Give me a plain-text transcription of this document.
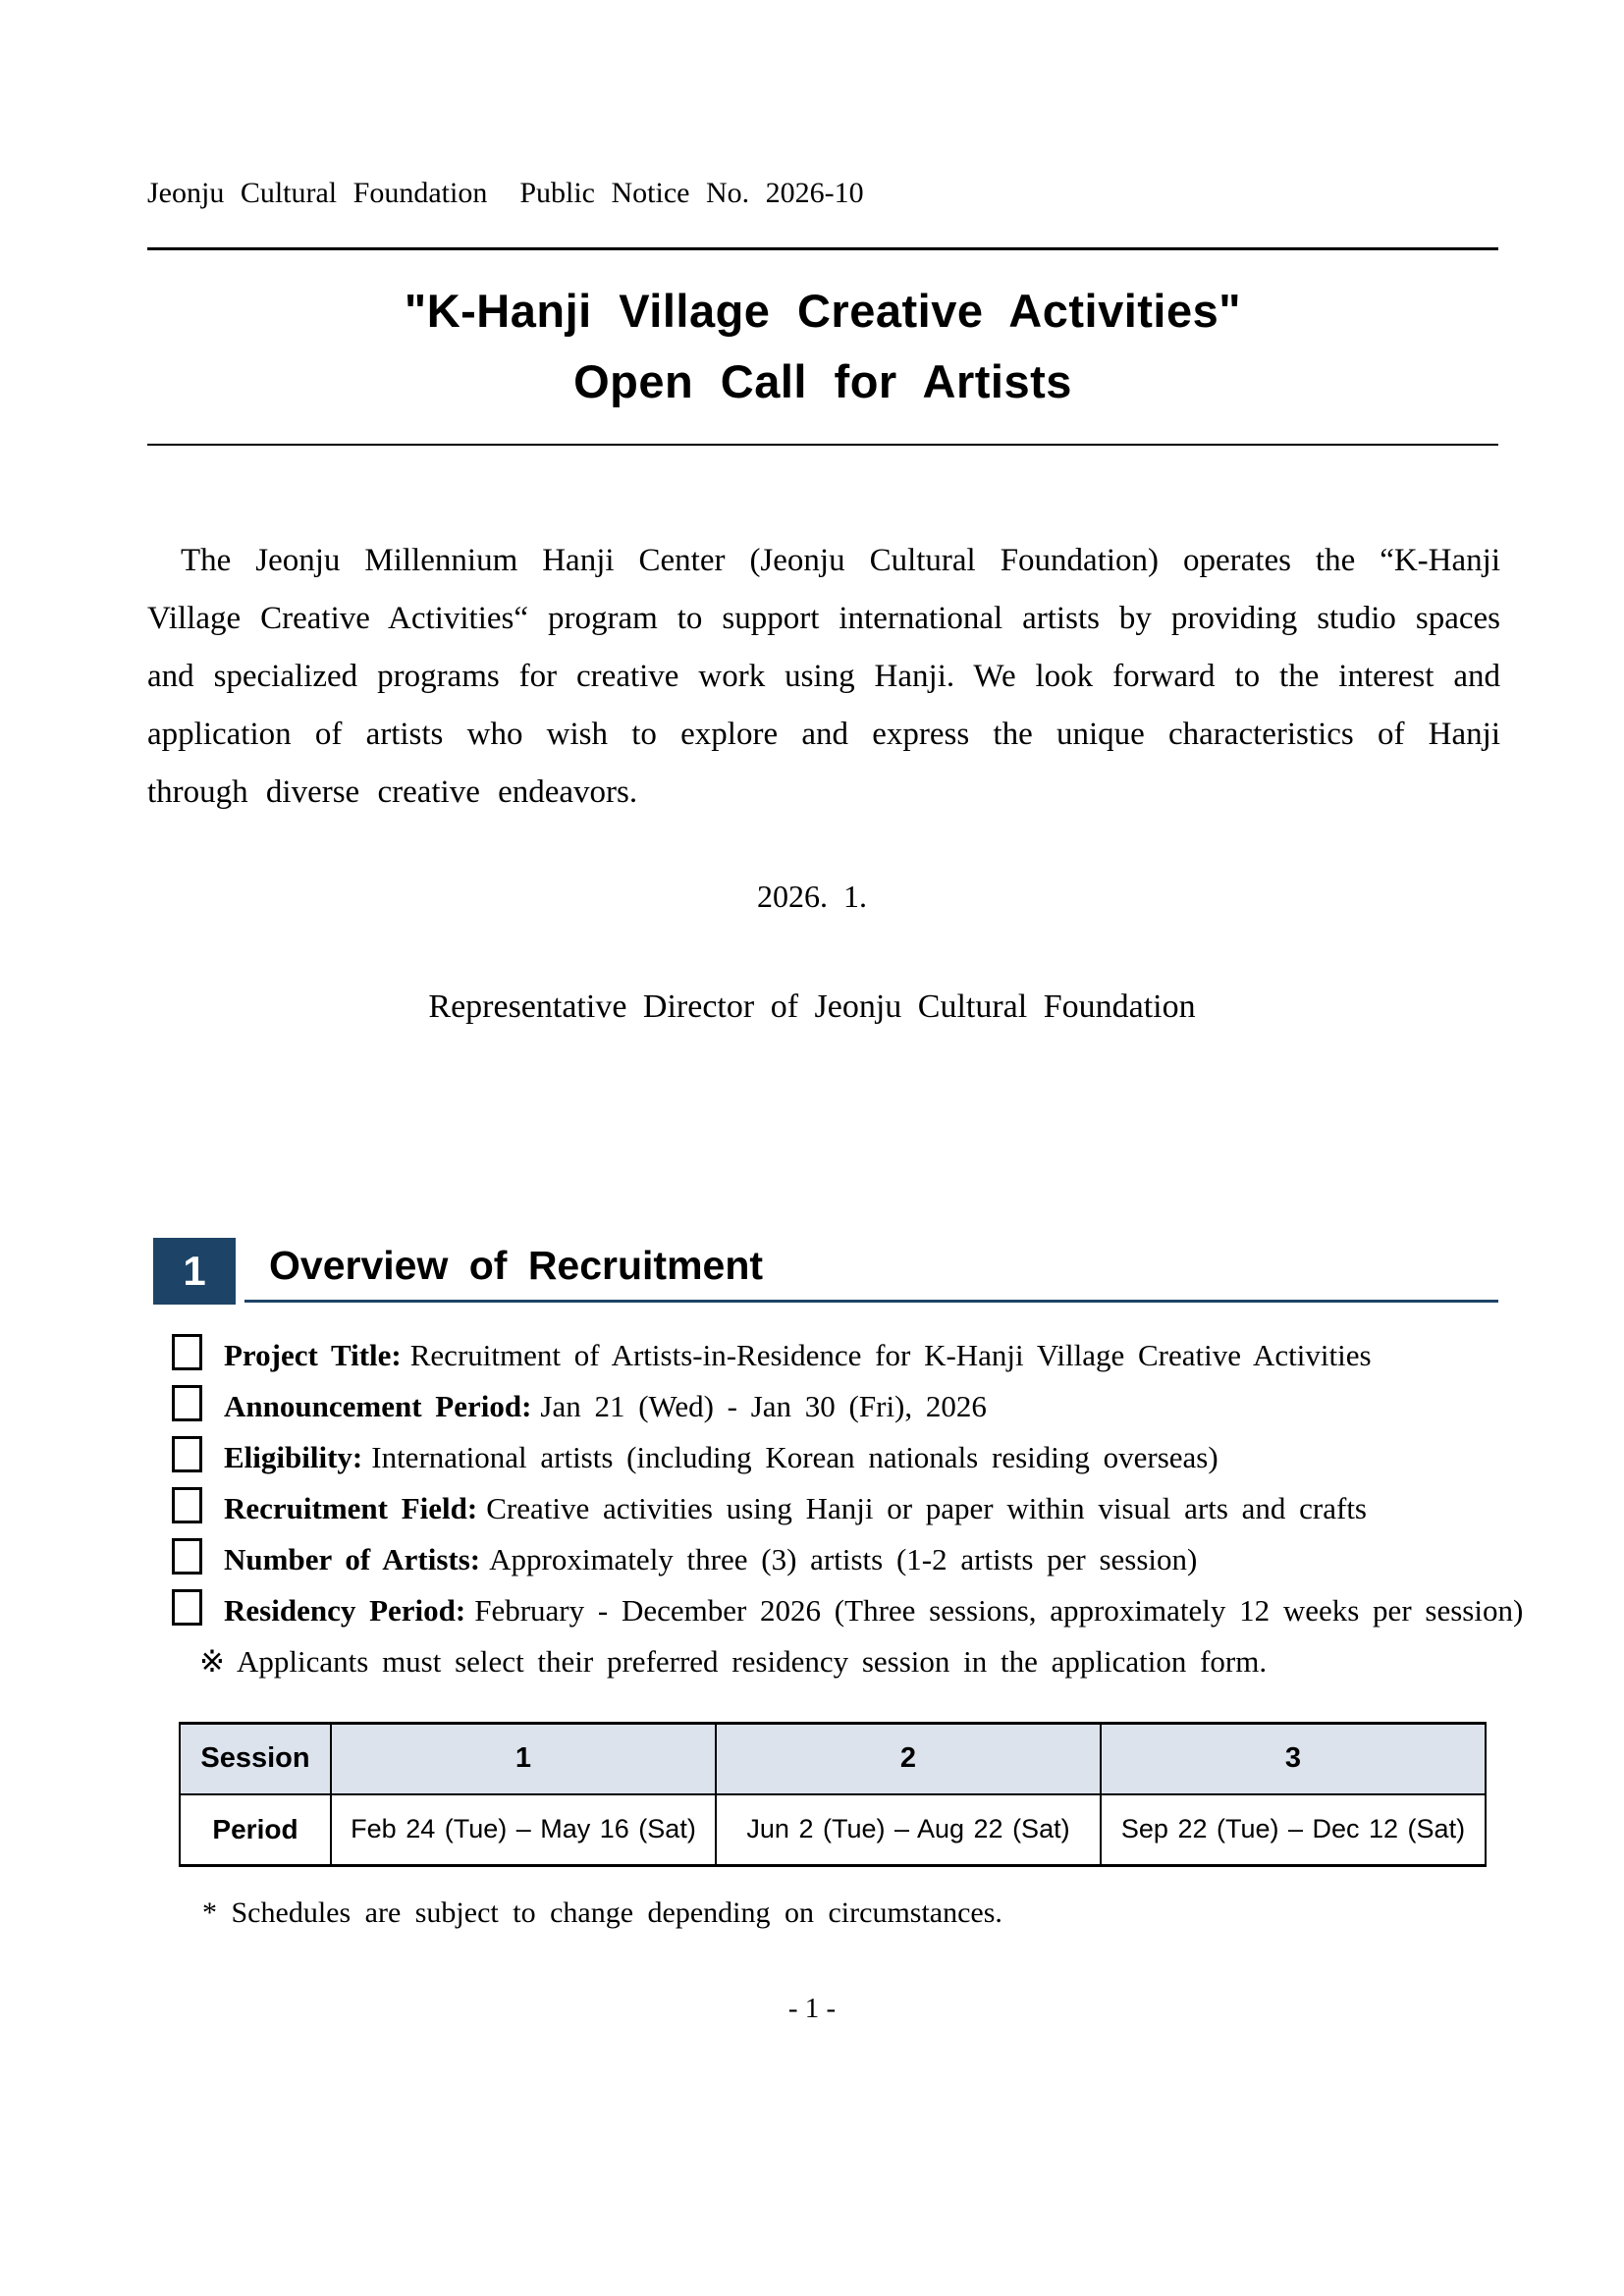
Jeonju Cultural Foundation  Public Notice No. 2026-10
"K-Hanji Village Creative Activities"
Open Call for Artists

The Jeonju Millennium Hanji Center (Jeonju Cultural Foundation) operates the “K-Hanji Village Creative Activities“ program to support international artists by providing studio spaces and specialized programs for creative work using Hanji. We look forward to the interest and application of artists who wish to explore and express the unique characteristics of Hanji through diverse creative endeavors.

2026. 1.
Representative Director of Jeonju Cultural Foundation
1	Overview of Recruitment
Project Title: Recruitment of Artists-in-Residence for K-Hanji Village Creative Activities
Announcement Period: Jan 21 (Wed) - Jan 30 (Fri), 2026
Eligibility: International artists (including Korean nationals residing overseas)
Recruitment Field: Creative activities using Hanji or paper within visual arts and crafts
Number of Artists: Approximately three (3) artists (1-2 artists per session)
Residency Period: February - December 2026 (Three sessions, approximately 12 weeks per session)
※ Applicants must select their preferred residency session in the application form.
Session	1	2	3
Period	Feb 24 (Tue) – May 16 (Sat)	Jun 2 (Tue) – Aug 22 (Sat)	Sep 22 (Tue) – Dec 12 (Sat)
* Schedules are subject to change depending on circumstances.
- 1 -
